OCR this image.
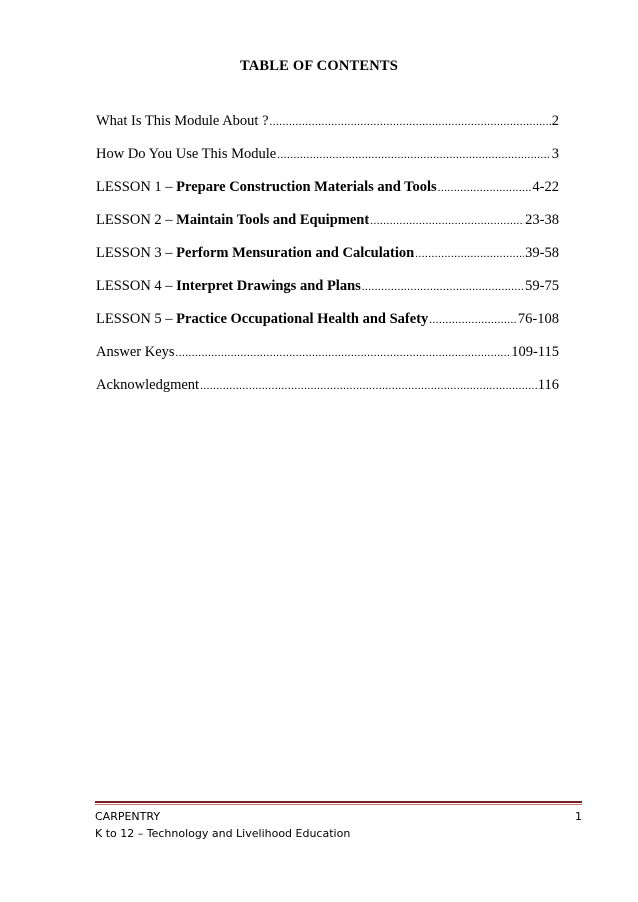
TABLE OF CONTENTS
What Is This Module About ? .....	2
How Do You Use This Module .....	3
LESSON 1 – Prepare Construction Materials and Tools .....	4-22
LESSON 2 – Maintain Tools and Equipment .....	23-38
LESSON 3 – Perform Mensuration and Calculation .....	39-58
LESSON 4 – Interpret Drawings and Plans .....	59-75
LESSON 5 – Practice Occupational Health and Safety .....	76-108
Answer Keys .....	109-115
Acknowledgment .....	116
CARPENTRY	1
K to 12 – Technology and Livelihood Education
